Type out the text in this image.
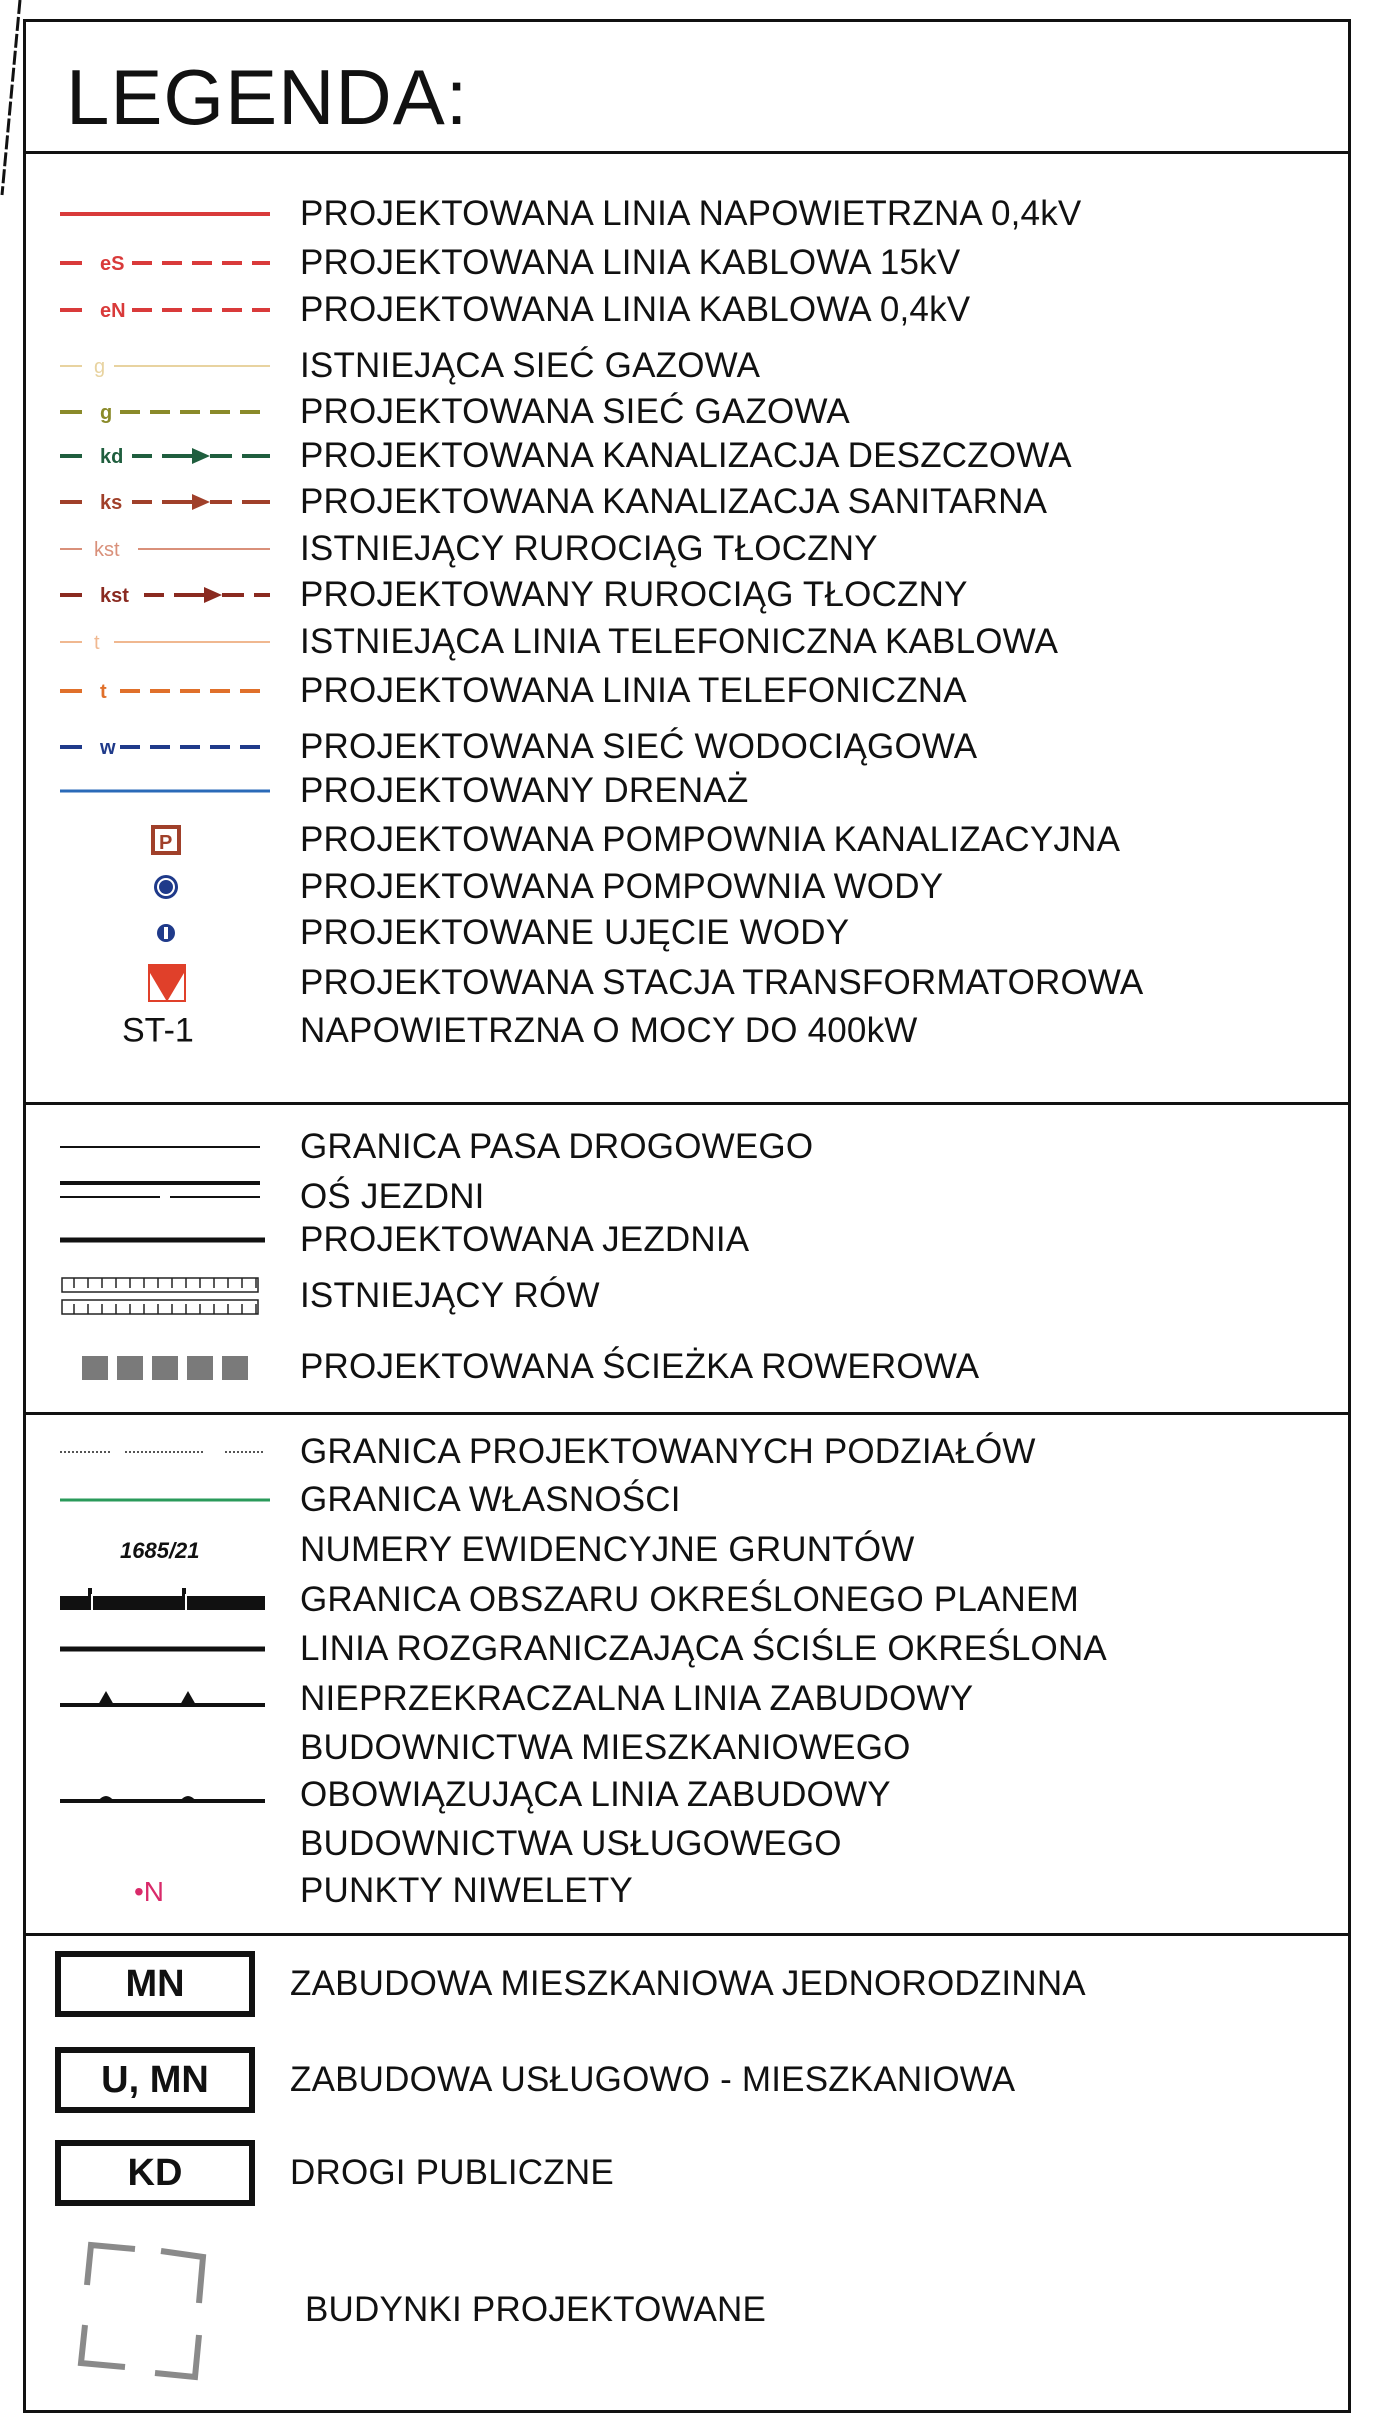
LEGENDA:
PROJEKTOWANA LINIA NAPOWIETRZNA 0,4kV
eS	PROJEKTOWANA LINIA KABLOWA 15kV
eN	PROJEKTOWANA LINIA KABLOWA 0,4kV
g	ISTNIEJĄCA SIEĆ GAZOWA
g	PROJEKTOWANA SIEĆ GAZOWA
kd	PROJEKTOWANA KANALIZACJA DESZCZOWA
ks	PROJEKTOWANA KANALIZACJA SANITARNA
kst	ISTNIEJĄCY RUROCIĄG TŁOCZNY
kst	PROJEKTOWANY RUROCIĄG TŁOCZNY
t	ISTNIEJĄCA LINIA TELEFONICZNA KABLOWA
t	PROJEKTOWANA LINIA TELEFONICZNA
w	PROJEKTOWANA SIEĆ WODOCIĄGOWA
PROJEKTOWANY DRENAŻ
P	PROJEKTOWANA POMPOWNIA KANALIZACYJNA
P	PROJEKTOWANA POMPOWNIA WODY
PROJEKTOWANE UJĘCIE WODY
PROJEKTOWANA STACJA TRANSFORMATOROWA
ST-1	NAPOWIETRZNA O MOCY DO 400kW
GRANICA PASA DROGOWEGO
OŚ JEZDNI
PROJEKTOWANA JEZDNIA
ISTNIEJĄCY RÓW
PROJEKTOWANA ŚCIEŻKA ROWEROWA
GRANICA PROJEKTOWANYCH PODZIAŁÓW
GRANICA WŁASNOŚCI
1685/21	NUMERY EWIDENCYJNE GRUNTÓW
GRANICA OBSZARU OKREŚLONEGO PLANEM
LINIA ROZGRANICZAJĄCA ŚCIŚLE OKREŚLONA
NIEPRZEKRACZALNA LINIA ZABUDOWY
BUDOWNICTWA MIESZKANIOWEGO
OBOWIĄZUJĄCA LINIA ZABUDOWY
BUDOWNICTWA USŁUGOWEGO
•N	PUNKTY NIWELETY
MN	ZABUDOWA MIESZKANIOWA JEDNORODZINNA
U, MN	ZABUDOWA USŁUGOWO - MIESZKANIOWA
KD	DROGI PUBLICZNE
BUDYNKI PROJEKTOWANE
